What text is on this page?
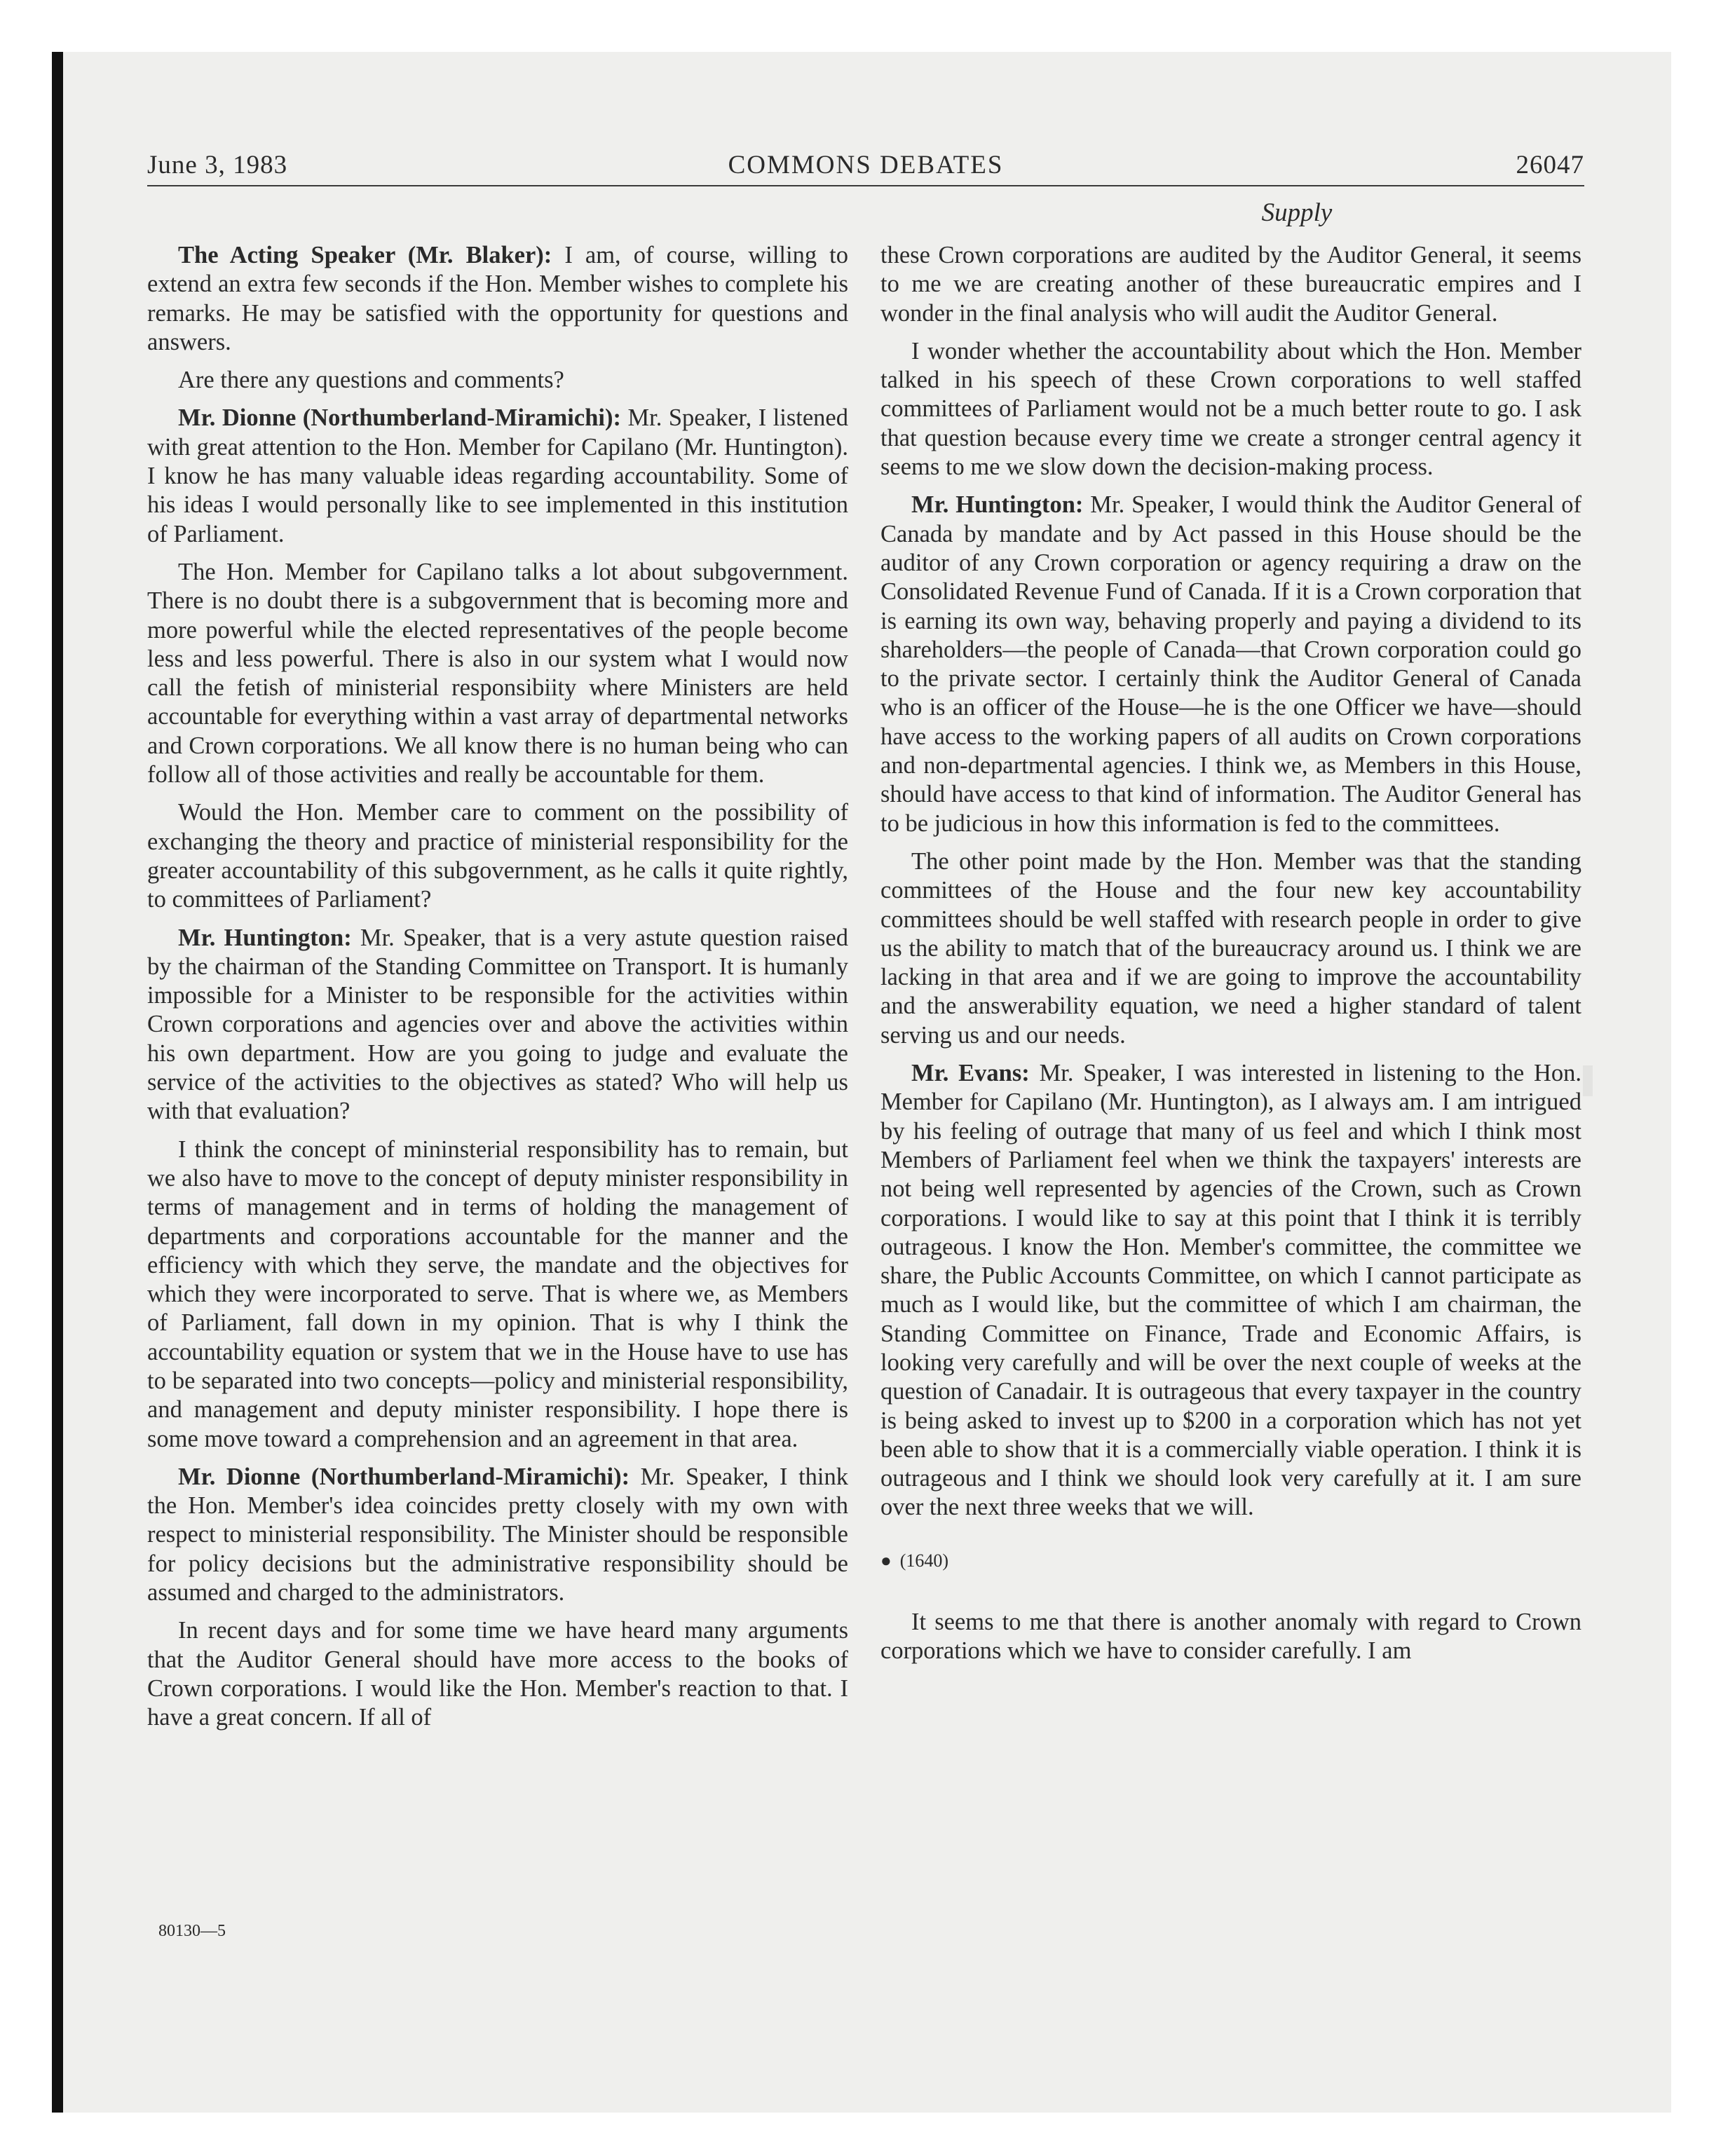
June 3, 1983	COMMONS DEBATES	26047
Supply

The Acting Speaker (Mr. Blaker): I am, of course, willing to extend an extra few seconds if the Hon. Member wishes to complete his remarks. He may be satisfied with the opportunity for questions and answers.

Are there any questions and comments?

Mr. Dionne (Northumberland-Miramichi): Mr. Speaker, I listened with great attention to the Hon. Member for Capilano (Mr. Huntington). I know he has many valuable ideas regarding accountability. Some of his ideas I would personally like to see implemented in this institution of Parliament.

The Hon. Member for Capilano talks a lot about subgovernment. There is no doubt there is a subgovernment that is becoming more and more powerful while the elected representatives of the people become less and less powerful. There is also in our system what I would now call the fetish of ministerial responsibiity where Ministers are held accountable for everything within a vast array of departmental networks and Crown corporations. We all know there is no human being who can follow all of those activities and really be accountable for them.

Would the Hon. Member care to comment on the possibility of exchanging the theory and practice of ministerial responsibility for the greater accountability of this subgovernment, as he calls it quite rightly, to committees of Parliament?

Mr. Huntington: Mr. Speaker, that is a very astute question raised by the chairman of the Standing Committee on Transport. It is humanly impossible for a Minister to be responsible for the activities within Crown corporations and agencies over and above the activities within his own department. How are you going to judge and evaluate the service of the activities to the objectives as stated? Who will help us with that evaluation?

I think the concept of mininsterial responsibility has to remain, but we also have to move to the concept of deputy minister responsibility in terms of management and in terms of holding the management of departments and corporations accountable for the manner and the efficiency with which they serve, the mandate and the objectives for which they were incorporated to serve. That is where we, as Members of Parliament, fall down in my opinion. That is why I think the accountability equation or system that we in the House have to use has to be separated into two concepts—policy and ministerial responsibility, and management and deputy minister responsibility. I hope there is some move toward a comprehension and an agreement in that area.

Mr. Dionne (Northumberland-Miramichi): Mr. Speaker, I think the Hon. Member's idea coincides pretty closely with my own with respect to ministerial responsibility. The Minister should be responsible for policy decisions but the administrative responsibility should be assumed and charged to the administrators.

In recent days and for some time we have heard many arguments that the Auditor General should have more access to the books of Crown corporations. I would like the Hon. Member's reaction to that. I have a great concern. If all of

these Crown corporations are audited by the Auditor General, it seems to me we are creating another of these bureaucratic empires and I wonder in the final analysis who will audit the Auditor General.

I wonder whether the accountability about which the Hon. Member talked in his speech of these Crown corporations to well staffed committees of Parliament would not be a much better route to go. I ask that question because every time we create a stronger central agency it seems to me we slow down the decision-making process.

Mr. Huntington: Mr. Speaker, I would think the Auditor General of Canada by mandate and by Act passed in this House should be the auditor of any Crown corporation or agency requiring a draw on the Consolidated Revenue Fund of Canada. If it is a Crown corporation that is earning its own way, behaving properly and paying a dividend to its shareholders—the people of Canada—that Crown corporation could go to the private sector. I certainly think the Auditor General of Canada who is an officer of the House—he is the one Officer we have—should have access to the working papers of all audits on Crown corporations and non-departmental agencies. I think we, as Members in this House, should have access to that kind of information. The Auditor General has to be judicious in how this information is fed to the committees.

The other point made by the Hon. Member was that the standing committees of the House and the four new key accountability committees should be well staffed with research people in order to give us the ability to match that of the bureaucracy around us. I think we are lacking in that area and if we are going to improve the accountability and the answerability equation, we need a higher standard of talent serving us and our needs.

Mr. Evans: Mr. Speaker, I was interested in listening to the Hon. Member for Capilano (Mr. Huntington), as I always am. I am intrigued by his feeling of outrage that many of us feel and which I think most Members of Parliament feel when we think the taxpayers' interests are not being well represented by agencies of the Crown, such as Crown corporations. I would like to say at this point that I think it is terribly outrageous. I know the Hon. Member's committee, the committee we share, the Public Accounts Committee, on which I cannot participate as much as I would like, but the committee of which I am chairman, the Standing Committee on Finance, Trade and Economic Affairs, is looking very carefully and will be over the next couple of weeks at the question of Canadair. It is outrageous that every taxpayer in the country is being asked to invest up to $200 in a corporation which has not yet been able to show that it is a commercially viable operation. I think it is outrageous and I think we should look very carefully at it. I am sure over the next three weeks that we will.

● (1640)

It seems to me that there is another anomaly with regard to Crown corporations which we have to consider carefully. I am

80130—5
